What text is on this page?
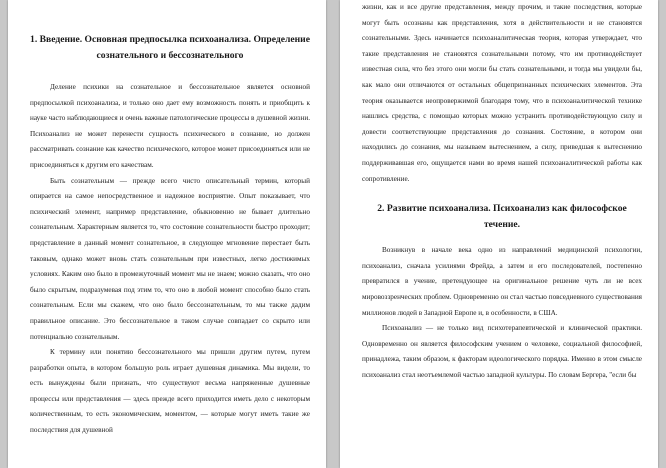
1. Введение. Основная предпосылка психоанализа. Определение сознательного и бессознательного

Деление психики на сознательное и бессознательное является основной предпосылкой психоанализа, и только оно дает ему возможность понять и приобщить к науке часто наблюдающиеся и очень важные патологические процессы в душевной жизни. Психоанализ не может перенести сущность психического в сознание, но должен рассматривать сознание как качество психического, которое может присоединяться или не присоединяться к другим его качествам.

Быть сознательным — прежде всего чисто описательный термин, который опирается на самое непосредственное и надежное восприятие. Опыт показывает, что психический элемент, например представление, обыкновенно не бывает длительно сознательным. Характерным является то, что состояние сознательности быстро проходит; представление в данный момент сознательное, в следующее мгновение перестает быть таковым, однако может вновь стать сознательным при известных, легко достижимых условиях. Каким оно было в промежуточный момент мы не знаем; можно сказать, что оно было скрытым, подразумевая под этим то, что оно в любой момент способно было стать сознательным. Если мы скажем, что оно было бессознательным, то мы также дадим правильное описание. Это бессознательное в таком случае совпадает со скрыто или потенциально сознательным.

К термину или понятию бессознательного мы пришли другим путем, путем разработки опыта, в котором большую роль играет душевная динамика. Мы видели, то есть вынуждены были признать, что существуют весьма напряженные душевные процессы или представления — здесь прежде всего приходится иметь дело с некоторым количественным, то есть экономическим, моментом, — которые могут иметь такие же последствия для душевной

жизни, как и все другие представления, между прочим, и такие последствия, которые могут быть осознаны как представления, хотя в действительности и не становятся сознательными. Здесь начинается психоаналитическая теория, которая утверждает, что такие представления не становятся сознательными потому, что им противодействует известная сила, что без этого они могли бы стать сознательными, и тогда мы увидели бы, как мало они отличаются от остальных общепризнанных психических элементов. Эта теория оказывается неопровержимой благодаря тому, что в психоаналитической технике нашлись средства, с помощью которых можно устранить противодействующую силу и довести соответствующие представления до сознания. Состояние, в котором они находились до сознания, мы называем вытеснением, а силу, приведшая к вытеснению поддерживавшая его, ощущается нами во время нашей психоаналитической работы как сопротивление.

2. Развитие психоанализа. Психоанализ как философское течение.

Возникнув в начале века одно из направлений медицинской психологии, психоанализ, сначала усилиями Фрейда, а затем и его последователей, постепенно превратился в учение, претендующее на оригинальное решение чуть ли не всех мировоззренческих проблем. Одновременно он стал частью повседневного существования миллионов людей в Западной Европе и, в особенности, в США.

Психоанализ — не только вид психотерапевтической и клинической практики. Одновременно он является философским учением о человеке, социальной философией, принадлежа, таким образом, к факторам идеологического порядка. Именно в этом смысле психоанализ стал неотъемлемой частью западной культуры. По словам Бергера, "если бы
